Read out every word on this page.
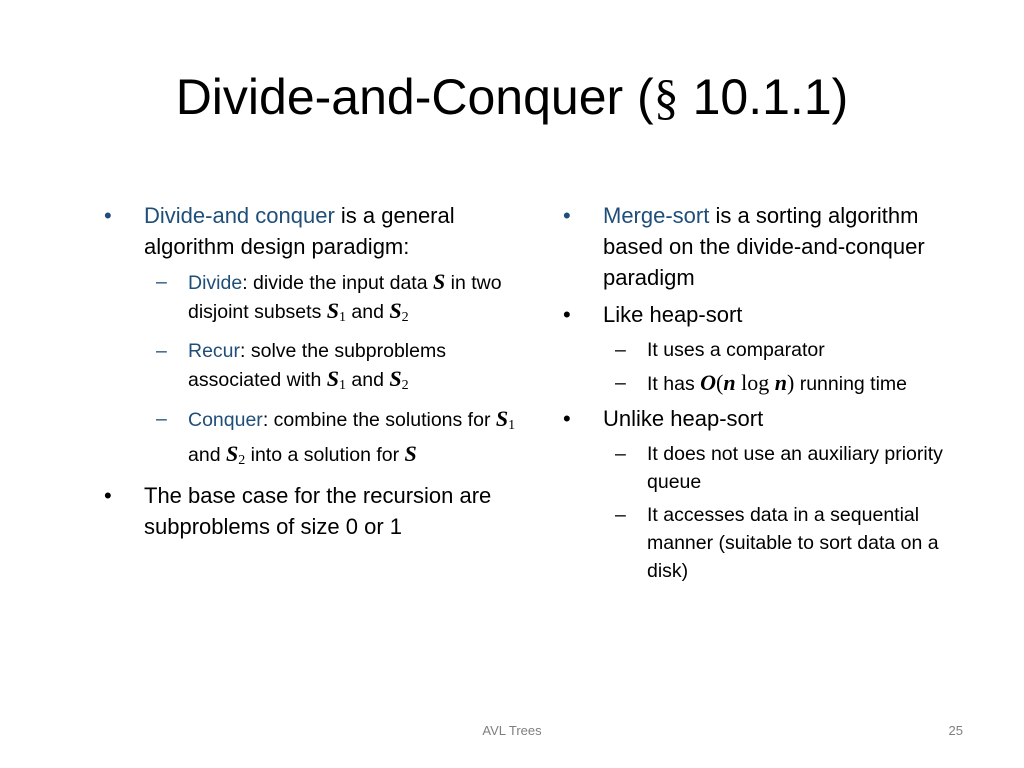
Divide-and-Conquer (§ 10.1.1)
•	Divide-and conquer is a general algorithm design paradigm:
– Divide: divide the input data S in two disjoint subsets $S_1$ and $S_2$
– Recur: solve the subproblems associated with $S_1$ and $S_2$
– Conquer: combine the solutions for $S_1$ and $S_2$ into a solution for S
•	The base case for the recursion are subproblems of size 0 or 1
•	Merge-sort is a sorting algorithm based on the divide-and-conquer paradigm
•	Like heap-sort
– It uses a comparator
– It has O(n log n) running time
•	Unlike heap-sort
– It does not use an auxiliary priority queue
– It accesses data in a sequential manner (suitable to sort data on a disk)
AVL Trees	25
